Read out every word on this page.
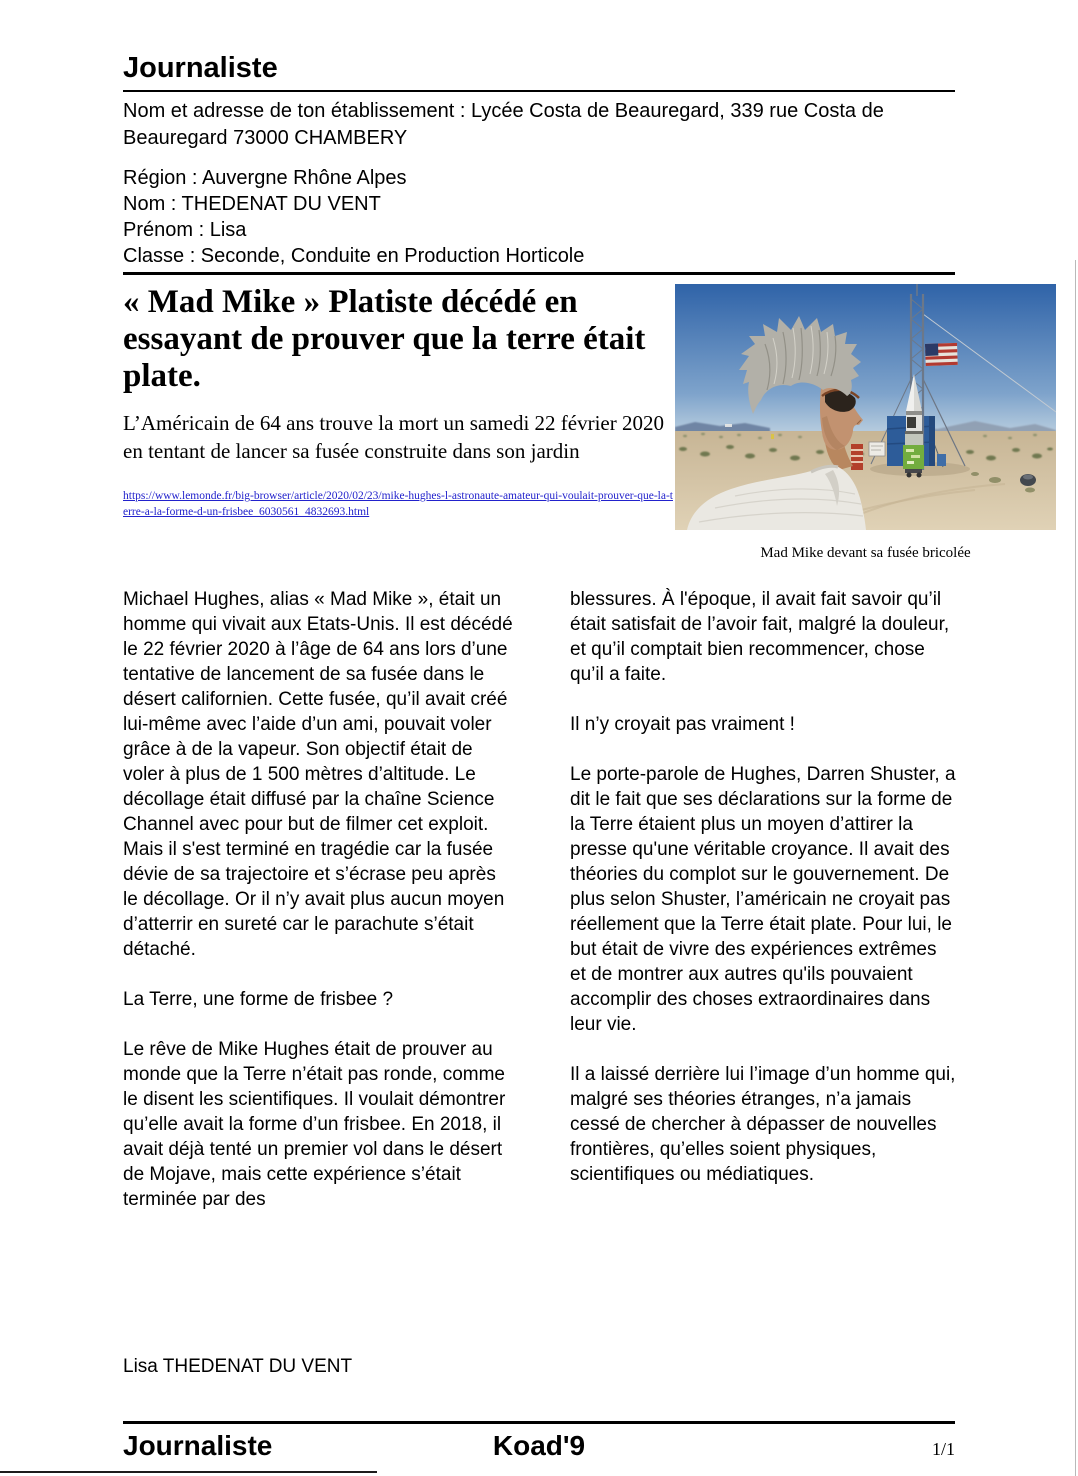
Journaliste
Nom et adresse de ton établissement : Lycée Costa de Beauregard, 339 rue Costa de Beauregard 73000 CHAMBERY
Région : Auvergne Rhône Alpes
Nom : THEDENAT DU VENT
Prénom : Lisa
Classe : Seconde, Conduite en Production Horticole
« Mad Mike » Platiste décédé en essayant de prouver que la terre était plate.
L’Américain de 64 ans trouve la mort un samedi 22 février 2020 en tentant de lancer sa fusée construite dans son jardin
https://www.lemonde.fr/big-browser/article/2020/02/23/mike-hughes-l-astronaute-amateur-qui-voulait-prouver-que-la-terre-a-la-forme-d-un-frisbee_6030561_4832693.html
Mad Mike devant sa fusée bricolée

Michael Hughes, alias « Mad Mike », était un homme qui vivait aux Etats-Unis. Il est décédé le 22 février 2020 à l’âge de 64 ans lors d’une tentative de lancement de sa fusée dans le désert californien. Cette fusée, qu’il avait créé lui-même avec l’aide d’un ami, pouvait voler grâce à de la vapeur. Son objectif était de voler à plus de 1 500 mètres d’altitude. Le décollage était diffusé par la chaîne Science Channel avec pour but de filmer cet exploit. Mais il s'est terminé en tragédie car la fusée dévie de sa trajectoire et s’écrase peu après le décollage. Or il n’y avait plus aucun moyen d’atterrir en sureté car le parachute s’était détaché.

La Terre, une forme de frisbee ?

Le rêve de Mike Hughes était de prouver au monde que la Terre n’était pas ronde, comme le disent les scientifiques. Il voulait démontrer qu’elle avait la forme d’un frisbee. En 2018, il avait déjà tenté un premier vol dans le désert de Mojave, mais cette expérience s’était terminée par des

blessures. À l'époque, il avait fait savoir qu’il était satisfait de l’avoir fait, malgré la douleur, et qu’il comptait bien recommencer, chose qu’il a faite.

Il n’y croyait pas vraiment !

Le porte-parole de Hughes, Darren Shuster, a dit le fait que ses déclarations sur la forme de la Terre étaient plus un moyen d’attirer la presse qu'une véritable croyance. Il avait des théories du complot sur le gouvernement. De plus selon Shuster, l’américain ne croyait pas réellement que la Terre était plate. Pour lui, le but était de vivre des expériences extrêmes et de montrer aux autres qu'ils pouvaient accomplir des choses extraordinaires dans leur vie.

Il a laissé derrière lui l’image d’un homme qui, malgré ses théories étranges, n’a jamais cessé de chercher à dépasser de nouvelles frontières, qu’elles soient physiques, scientifiques ou médiatiques.

Lisa THEDENAT DU VENT
Journaliste	Koad'9	1/1
